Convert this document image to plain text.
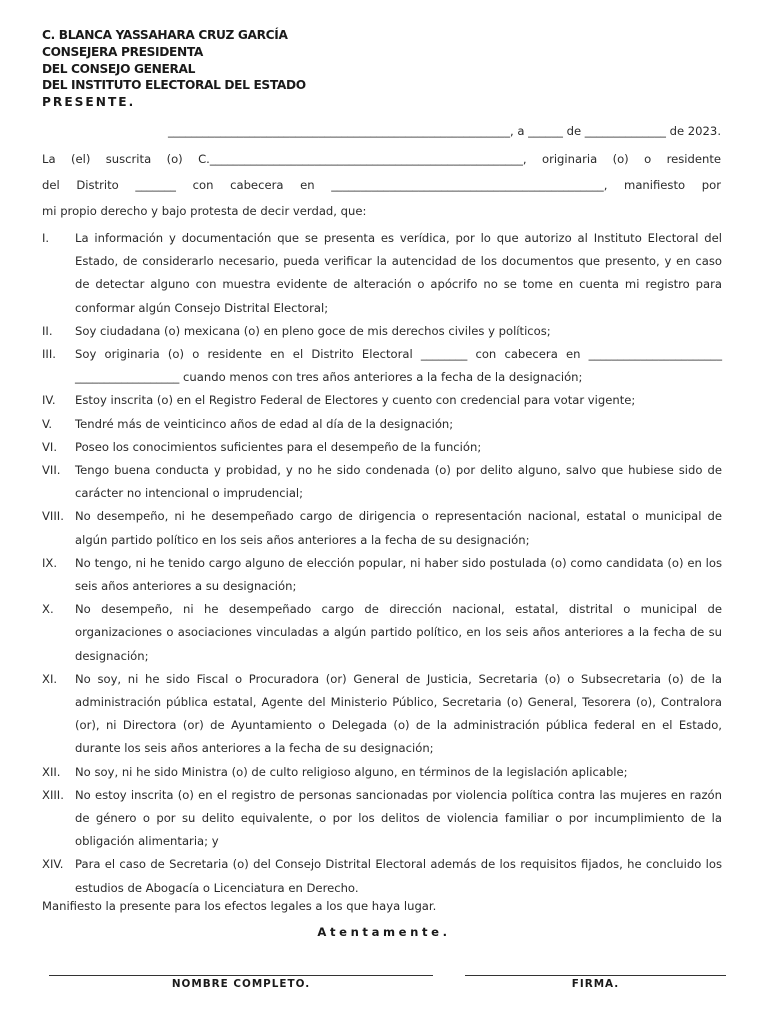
C. BLANCA YASSAHARA CRUZ GARCÍA
CONSEJERA PRESIDENTA
DEL CONSEJO GENERAL
DEL INSTITUTO ELECTORAL DEL ESTADO
PRESENTE.
___________________________________________________________, a ______ de ______________ de 2023.
La (el) suscrita (o) C.______________________________________________________, originaria (o) o residente
del Distrito _______ con cabecera en _______________________________________________, manifiesto por
mi propio derecho y bajo protesta de decir verdad, que:
I. La información y documentación que se presenta es verídica, por lo que autorizo al Instituto Electoral del Estado, de considerarlo necesario, pueda verificar la autencidad de los documentos que presento, y en caso de detectar alguno con muestra evidente de alteración o apócrifo no se tome en cuenta mi registro para conformar algún Consejo Distrital Electoral;
II. Soy ciudadana (o) mexicana (o) en pleno goce de mis derechos civiles y políticos;
III. Soy originaria (o) o residente en el Distrito Electoral ________ con cabecera en _______________________ __________________ cuando menos con tres años anteriores a la fecha de la designación;
IV. Estoy inscrita (o) en el Registro Federal de Electores y cuento con credencial para votar vigente;
V. Tendré más de veinticinco años de edad al día de la designación;
VI. Poseo los conocimientos suficientes para el desempeño de la función;
VII. Tengo buena conducta y probidad, y no he sido condenada (o) por delito alguno, salvo que hubiese sido de carácter no intencional o imprudencial;
VIII. No desempeño, ni he desempeñado cargo de dirigencia o representación nacional, estatal o municipal de algún partido político en los seis años anteriores a la fecha de su designación;
IX. No tengo, ni he tenido cargo alguno de elección popular, ni haber sido postulada (o) como candidata (o) en los seis años anteriores a su designación;
X. No desempeño, ni he desempeñado cargo de dirección nacional, estatal, distrital o municipal de organizaciones o asociaciones vinculadas a algún partido político, en los seis años anteriores a la fecha de su designación;
XI. No soy, ni he sido Fiscal o Procuradora (or) General de Justicia, Secretaria (o) o Subsecretaria (o) de la administración pública estatal, Agente del Ministerio Público, Secretaria (o) General, Tesorera (o), Contralora (or), ni Directora (or) de Ayuntamiento o Delegada (o) de la administración pública federal en el Estado, durante los seis años anteriores a la fecha de su designación;
XII. No soy, ni he sido Ministra (o) de culto religioso alguno, en términos de la legislación aplicable;
XIII. No estoy inscrita (o) en el registro de personas sancionadas por violencia política contra las mujeres en razón de género o por su delito equivalente, o por los delitos de violencia familiar o por incumplimiento de la obligación alimentaria; y
XIV. Para el caso de Secretaria (o) del Consejo Distrital Electoral además de los requisitos fijados, he concluido los estudios de Abogacía o Licenciatura en Derecho.
Manifiesto la presente para los efectos legales a los que haya lugar.
Atentamente.
NOMBRE COMPLETO.	FIRMA.
